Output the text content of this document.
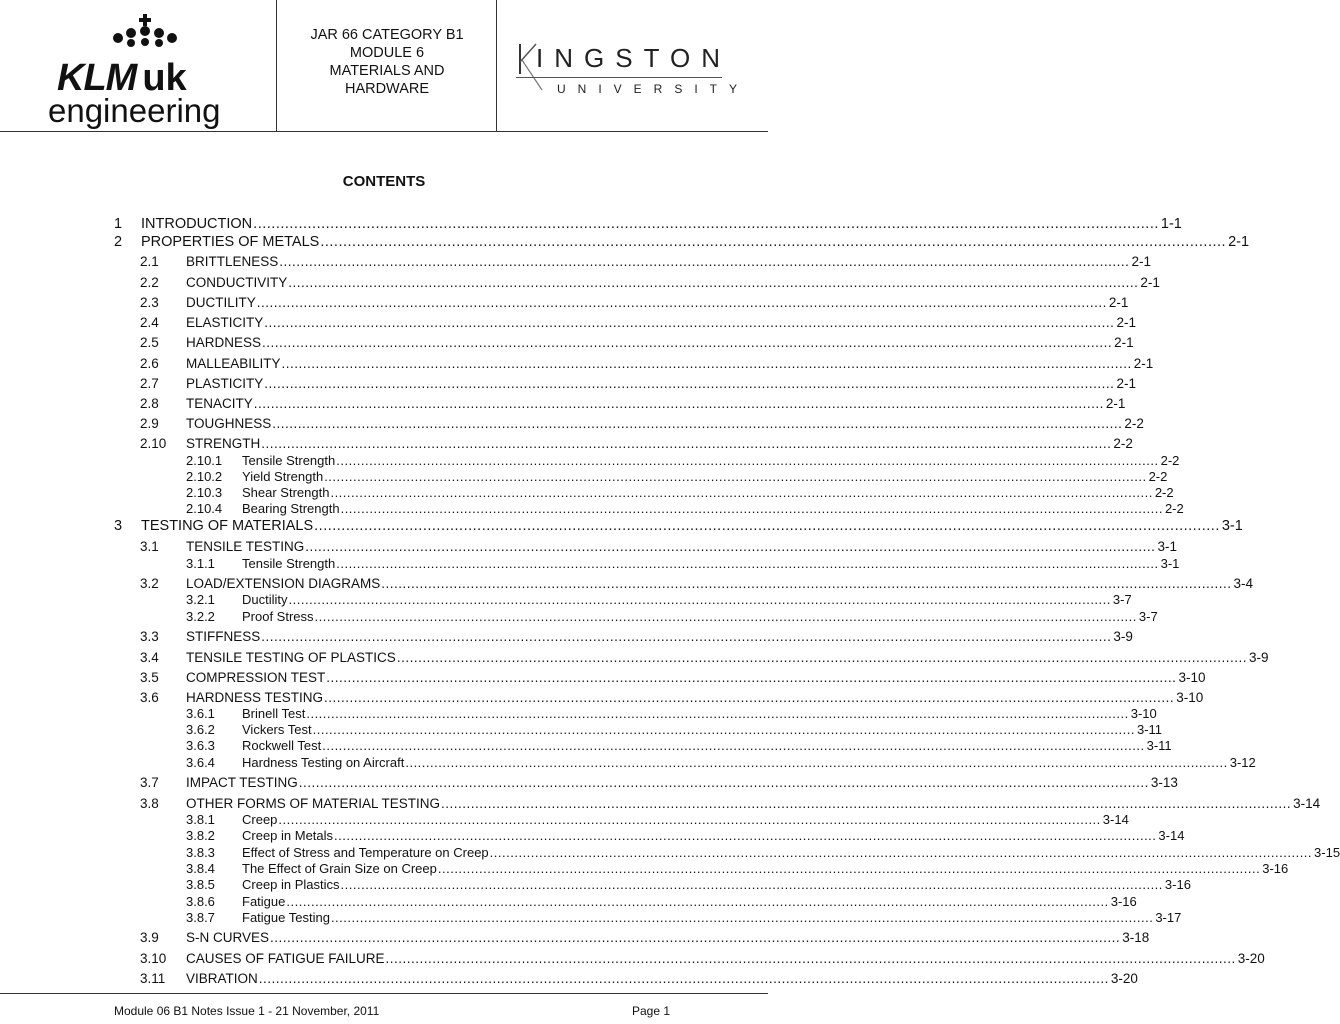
KLM uk
engineering
JAR 66 CATEGORY B1
MODULE 6
MATERIALS AND
HARDWARE
INGSTON
UNIVERSITY
CONTENTS
1 INTRODUCTION ........................................................................................................................................................................................................ 1-1
2 PROPERTIES OF METALS ........................................................................................................................................................................................................ 2-1
2.1 BRITTLENESS ........................................................................................................................................................................................................ 2-1
2.2 CONDUCTIVITY ........................................................................................................................................................................................................ 2-1
2.3 DUCTILITY ........................................................................................................................................................................................................ 2-1
2.4 ELASTICITY ........................................................................................................................................................................................................ 2-1
2.5 HARDNESS ........................................................................................................................................................................................................ 2-1
2.6 MALLEABILITY ........................................................................................................................................................................................................ 2-1
2.7 PLASTICITY ........................................................................................................................................................................................................ 2-1
2.8 TENACITY ........................................................................................................................................................................................................ 2-1
2.9 TOUGHNESS ........................................................................................................................................................................................................ 2-2
2.10 STRENGTH ........................................................................................................................................................................................................ 2-2
2.10.1 Tensile Strength ........................................................................................................................................................................................................ 2-2
2.10.2 Yield Strength ........................................................................................................................................................................................................ 2-2
2.10.3 Shear Strength ........................................................................................................................................................................................................ 2-2
2.10.4 Bearing Strength ........................................................................................................................................................................................................ 2-2
3 TESTING OF MATERIALS ........................................................................................................................................................................................................ 3-1
3.1 TENSILE TESTING ........................................................................................................................................................................................................ 3-1
3.1.1 Tensile Strength ........................................................................................................................................................................................................ 3-1
3.2 LOAD/EXTENSION DIAGRAMS ........................................................................................................................................................................................................ 3-4
3.2.1 Ductility ........................................................................................................................................................................................................ 3-7
3.2.2 Proof Stress ........................................................................................................................................................................................................ 3-7
3.3 STIFFNESS ........................................................................................................................................................................................................ 3-9
3.4 TENSILE TESTING OF PLASTICS ........................................................................................................................................................................................................ 3-9
3.5 COMPRESSION TEST ........................................................................................................................................................................................................ 3-10
3.6 HARDNESS TESTING ........................................................................................................................................................................................................ 3-10
3.6.1 Brinell Test ........................................................................................................................................................................................................ 3-10
3.6.2 Vickers Test ........................................................................................................................................................................................................ 3-11
3.6.3 Rockwell Test ........................................................................................................................................................................................................ 3-11
3.6.4 Hardness Testing on Aircraft ........................................................................................................................................................................................................ 3-12
3.7 IMPACT TESTING ........................................................................................................................................................................................................ 3-13
3.8 OTHER FORMS OF MATERIAL TESTING ........................................................................................................................................................................................................ 3-14
3.8.1 Creep ........................................................................................................................................................................................................ 3-14
3.8.2 Creep in Metals ........................................................................................................................................................................................................ 3-14
3.8.3 Effect of Stress and Temperature on Creep ........................................................................................................................................................................................................ 3-15
3.8.4 The Effect of Grain Size on Creep ........................................................................................................................................................................................................ 3-16
3.8.5 Creep in Plastics ........................................................................................................................................................................................................ 3-16
3.8.6 Fatigue ........................................................................................................................................................................................................ 3-16
3.8.7 Fatigue Testing ........................................................................................................................................................................................................ 3-17
3.9 S-N CURVES ........................................................................................................................................................................................................ 3-18
3.10 CAUSES OF FATIGUE FAILURE ........................................................................................................................................................................................................ 3-20
3.11 VIBRATION ........................................................................................................................................................................................................ 3-20
Module 06 B1 Notes Issue 1 - 21 November, 2011	Page 1
